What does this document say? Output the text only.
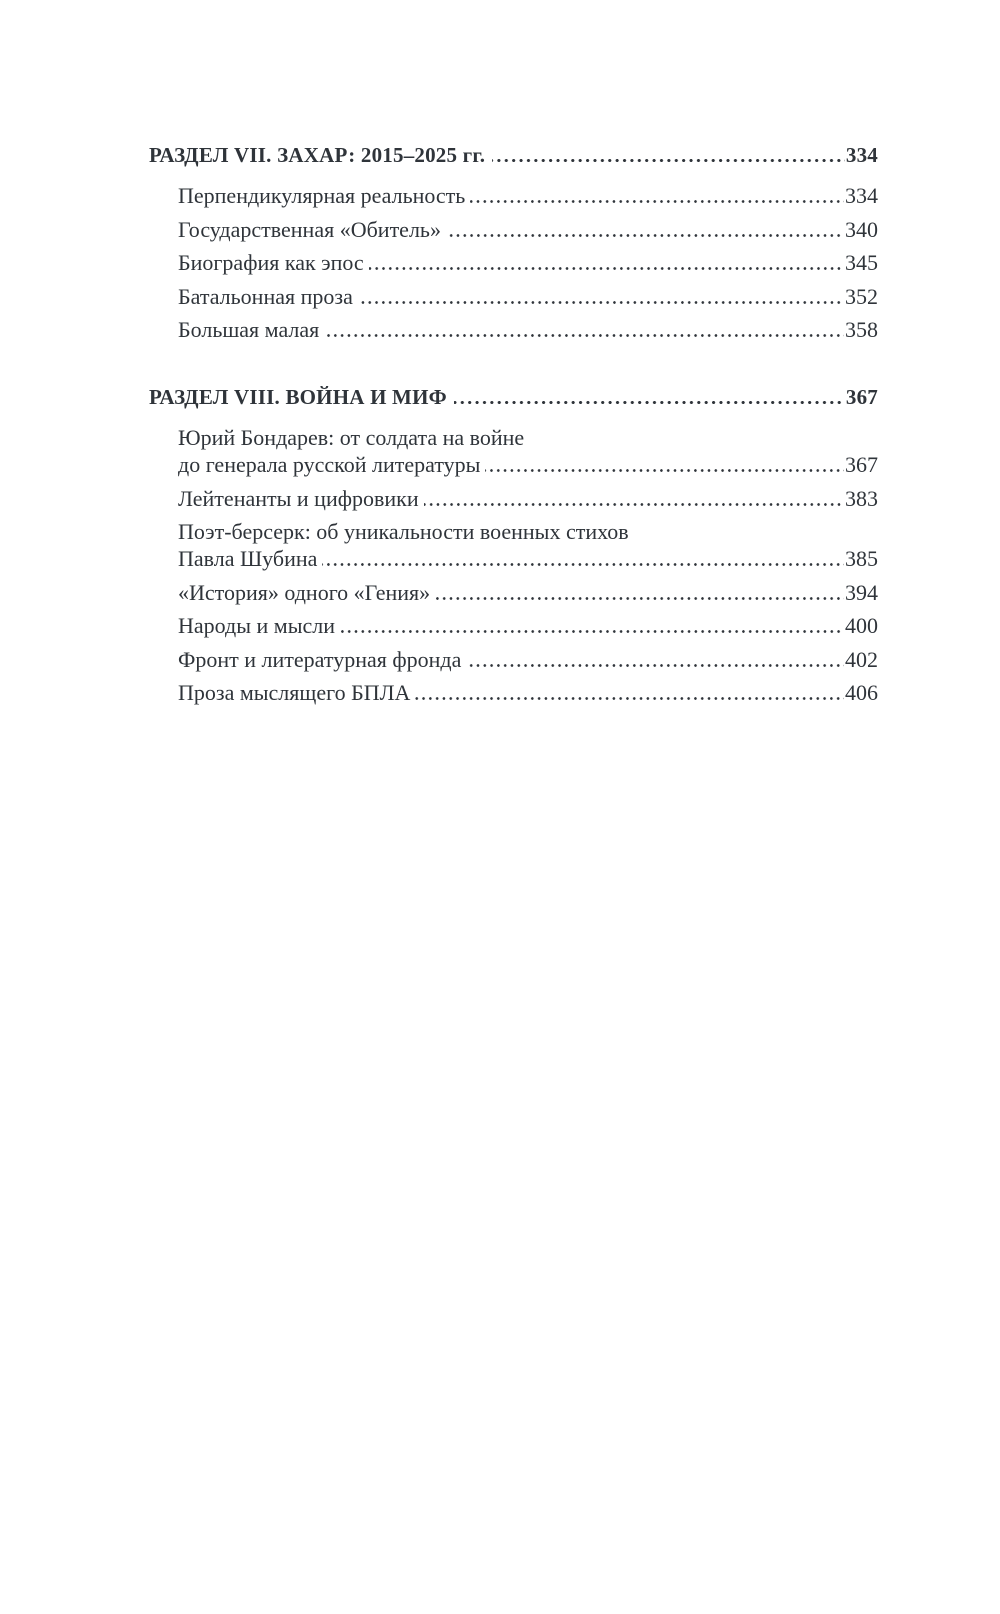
РАЗДЕЛ VII. ЗАХАР: 2015–2025 гг.	334
Перпендикулярная реальность	334
Государственная «Обитель»	340
Биография как эпос	345
Батальонная проза	352
Большая малая	358
РАЗДЕЛ VIII. ВОЙНА И МИФ	367
Юрий Бондарев: от солдата на войне
до генерала русской литературы	367
Лейтенанты и цифровики	383
Поэт-берсерк: об уникальности военных стихов
Павла Шубина	385
«История» одного «Гения»	394
Народы и мысли	400
Фронт и литературная фронда	402
Проза мыслящего БПЛА	406
